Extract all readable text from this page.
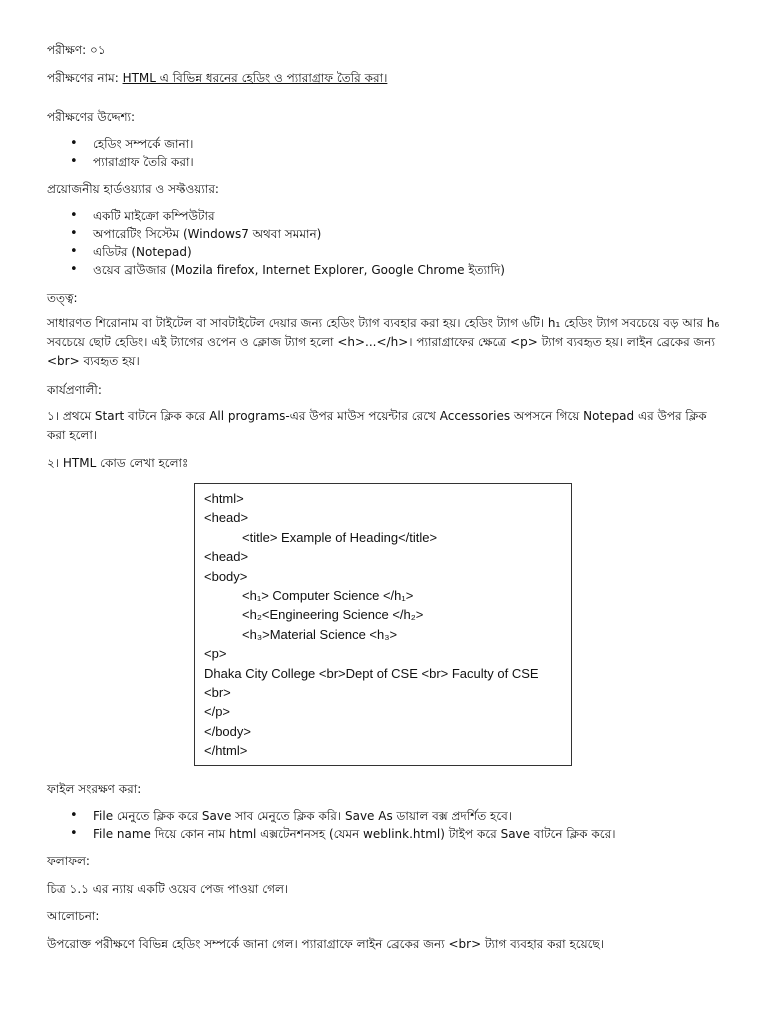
পরীক্ষণ: ০১
পরীক্ষণের নাম: HTML এ বিভিন্ন ধরনের হেডিং ও প্যারাগ্রাফ তৈরি করা।
পরীক্ষণের উদ্দেশ্য:
• হেডিং সম্পর্কে জানা।
• প্যারাগ্রাফ তৈরি করা।
প্রয়োজনীয় হার্ডওয়্যার ও সফ্টওয়্যার:
• একটি মাইক্রো কম্পিউটার
• অপারেটিং সিস্টেম (Windows7 অথবা সমমান)
• এডিটর (Notepad)
• ওয়েব ব্রাউজার (Mozila firefox, Internet Explorer, Google Chrome ইত্যাদি)
তত্ত্ব:
সাধারণত শিরোনাম বা টাইটেল বা সাবটাইটেল দেয়ার জন্য হেডিং ট্যাগ ব্যবহার করা হয়। হেডিং ট্যাগ ৬টি। h₁ হেডিং ট্যাগ সবচেয়ে বড় আর h₆ সবচেয়ে ছোট হেডিং। এই ট্যাগের ওপেন ও ক্লোজ ট্যাগ হলো <h>...</h>। প্যারাগ্রাফের ক্ষেত্রে <p> ট্যাগ ব্যবহৃত হয়। লাইন ব্রেকের জন্য <br> ব্যবহৃত হয়।
কার্যপ্রণালী:
১। প্রথমে Start বাটনে ক্লিক করে All programs-এর উপর মাউস পয়েন্টার রেখে Accessories অপসনে গিয়ে Notepad এর উপর ক্লিক করা হলো।
২। HTML কোড লেখা হলোঃ
<html>
<head>
<title> Example of Heading</title>
<head>
<body>
<h₁> Computer Science </h₁>
<h₂<Engineering Science </h₂>
<h₃>Material Science <h₃>
<p>
Dhaka City College <br>Dept of CSE <br> Faculty of CSE
<br>
</p>
</body>
</html>
ফাইল সংরক্ষণ করা:
• File মেনুতে ক্লিক করে Save সাব মেনুতে ক্লিক করি। Save As ডায়াল বক্স প্রদর্শিত হবে।
• File name দিয়ে কোন নাম html এক্সটেনশনসহ (যেমন weblink.html) টাইপ করে Save বাটনে ক্লিক করে।
ফলাফল:
চিত্র ১.১ এর ন্যায় একটি ওয়েব পেজ পাওয়া গেল।
আলোচনা:
উপরোক্ত পরীক্ষণে বিভিন্ন হেডিং সম্পর্কে জানা গেল। প্যারাগ্রাফে লাইন ব্রেকের জন্য <br> ট্যাগ ব্যবহার করা হয়েছে।
